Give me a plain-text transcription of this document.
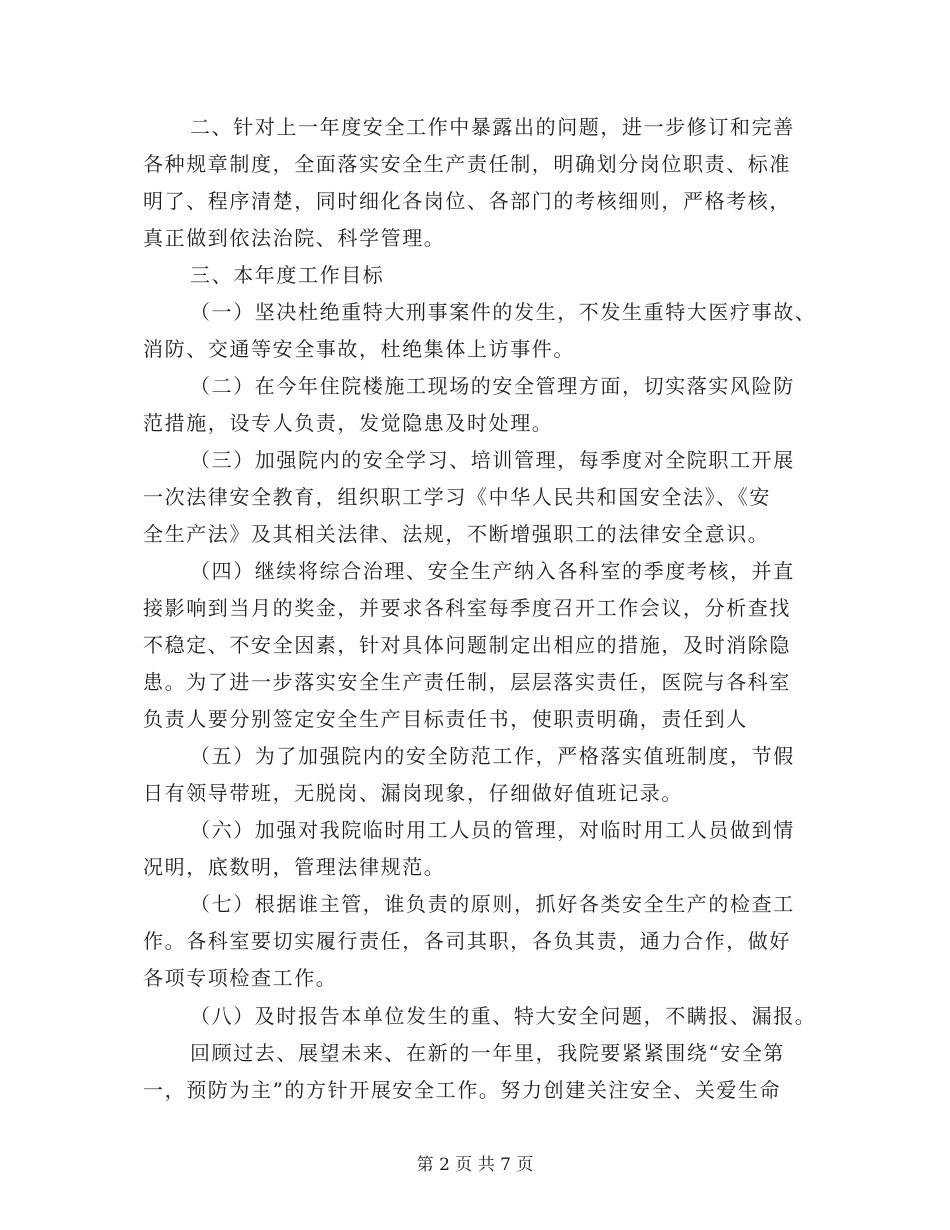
二、针对上一年度安全工作中暴露出的问题，进一步修订和完善
各种规章制度，全面落实安全生产责任制，明确划分岗位职责、标准
明了、程序清楚，同时细化各岗位、各部门的考核细则，严格考核，
真正做到依法治院、科学管理。
三、本年度工作目标
（一）坚决杜绝重特大刑事案件的发生，不发生重特大医疗事故、
消防、交通等安全事故，杜绝集体上访事件。
（二）在今年住院楼施工现场的安全管理方面，切实落实风险防
范措施，设专人负责，发觉隐患及时处理。
（三）加强院内的安全学习、培训管理，每季度对全院职工开展
一次法律安全教育，组织职工学习《中华人民共和国安全法》、《安
全生产法》及其相关法律、法规，不断增强职工的法律安全意识。
（四）继续将综合治理、安全生产纳入各科室的季度考核，并直
接影响到当月的奖金，并要求各科室每季度召开工作会议，分析查找
不稳定、不安全因素，针对具体问题制定出相应的措施，及时消除隐
患。为了进一步落实安全生产责任制，层层落实责任，医院与各科室
负责人要分别签定安全生产目标责任书，使职责明确，责任到人
（五）为了加强院内的安全防范工作，严格落实值班制度，节假
日有领导带班，无脱岗、漏岗现象，仔细做好值班记录。
（六）加强对我院临时用工人员的管理，对临时用工人员做到情
况明，底数明，管理法律规范。
（七）根据谁主管，谁负责的原则，抓好各类安全生产的检查工
作。各科室要切实履行责任，各司其职，各负其责，通力合作，做好
各项专项检查工作。
（八）及时报告本单位发生的重、特大安全问题，不瞒报、漏报。
回顾过去、展望未来、在新的一年里，我院要紧紧围绕“安全第
一，预防为主”的方针开展安全工作。努力创建关注安全、关爱生命
第 2 页 共 7 页
